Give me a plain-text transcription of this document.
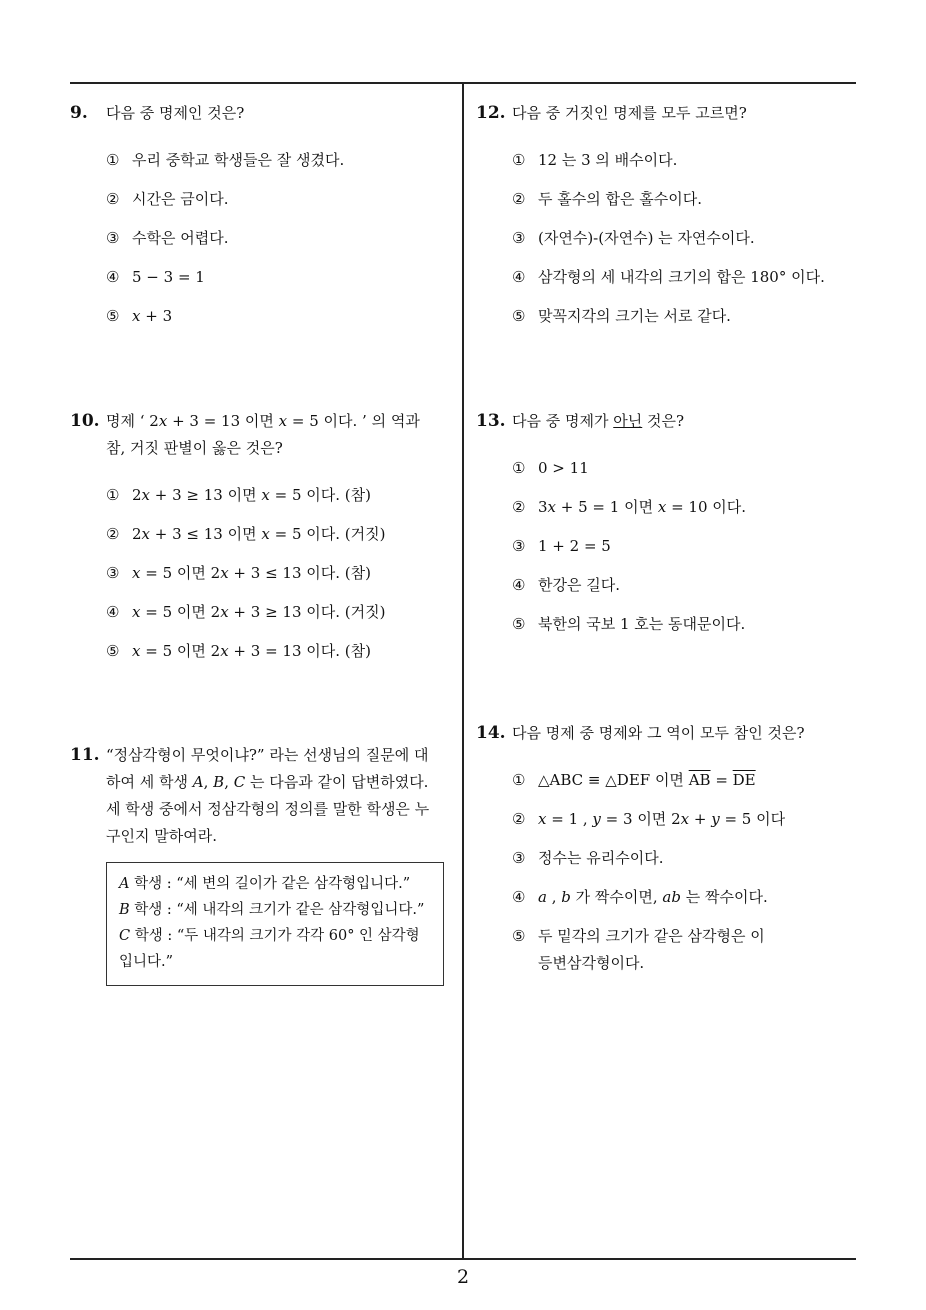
2
9. 다음 중 명제인 것은?
① 우리 중학교 학생들은 잘 생겼다.
② 시간은 금이다.
③ 수학은 어렵다.
④ 5 − 3 = 1
⑤ x + 3
10. 명제 ‘ 2x + 3 = 13 이면 x = 5 이다. ’ 의 역과 참, 거짓 판별이 옳은 것은?
① 2x + 3 ≥ 13 이면 x = 5 이다. (참)
② 2x + 3 ≤ 13 이면 x = 5 이다. (거짓)
③ x = 5 이면 2x + 3 ≤ 13 이다. (참)
④ x = 5 이면 2x + 3 ≥ 13 이다. (거짓)
⑤ x = 5 이면 2x + 3 = 13 이다. (참)
11. “정삼각형이 무엇이냐?” 라는 선생님의 질문에 대하여 세 학생 A, B, C 는 다음과 같이 답변하였다. 세 학생 중에서 정삼각형의 정의를 말한 학생은 누구인지 말하여라.
A 학생 : “세 변의 길이가 같은 삼각형입니다.”
B 학생 : “세 내각의 크기가 같은 삼각형입니다.”
C 학생 : “두 내각의 크기가 각각 60° 인 삼각형 입니다.”
12. 다음 중 거짓인 명제를 모두 고르면?
① 12 는 3 의 배수이다.
② 두 홀수의 합은 홀수이다.
③ (자연수)-(자연수) 는 자연수이다.
④ 삼각형의 세 내각의 크기의 합은 180° 이다.
⑤ 맞꼭지각의 크기는 서로 같다.
13. 다음 중 명제가 아닌 것은?
① 0 > 11
② 3x + 5 = 1 이면 x = 10 이다.
③ 1 + 2 = 5
④ 한강은 길다.
⑤ 북한의 국보 1 호는 동대문이다.
14. 다음 명제 중 명제와 그 역이 모두 참인 것은?
① △ABC ≡ △DEF 이면 $\overline{AB} = \overline{DE}$
② x = 1 , y = 3 이면 2x + y = 5 이다
③ 정수는 유리수이다.
④ a , b 가 짝수이면, ab 는 짝수이다.
⑤ 두 밑각의 크기가 같은 삼각형은 이등변삼각형이다.
